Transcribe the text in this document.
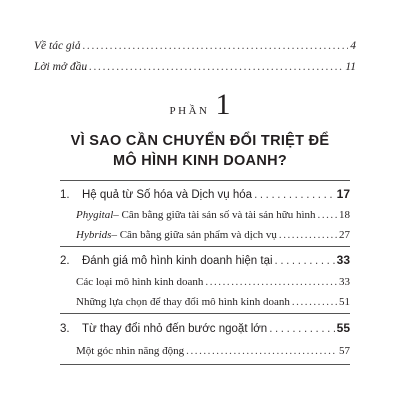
Về tác giả . . .	4
Lời mở đầu . . .	11
PHẦN 1
VÌ SAO CẦN CHUYỂN ĐỔI TRIỆT ĐỂ
MÔ HÌNH KINH DOANH?
1.	Hệ quả từ Số hóa và Dịch vụ hóa . . .	17
Phygital – Cân bằng giữa tài sản số và tài sản hữu hình . . . 18
Hybrids – Cân bằng giữa sản phẩm và dịch vụ . . .	27
2.	Đánh giá mô hình kinh doanh hiện tại . . .	33
Các loại mô hình kinh doanh . . .	33
Những lựa chọn để thay đổi mô hình kinh doanh . . .	51
3.	Từ thay đổi nhỏ đến bước ngoặt lớn . . .	55
Một góc nhìn năng động . . .	57
